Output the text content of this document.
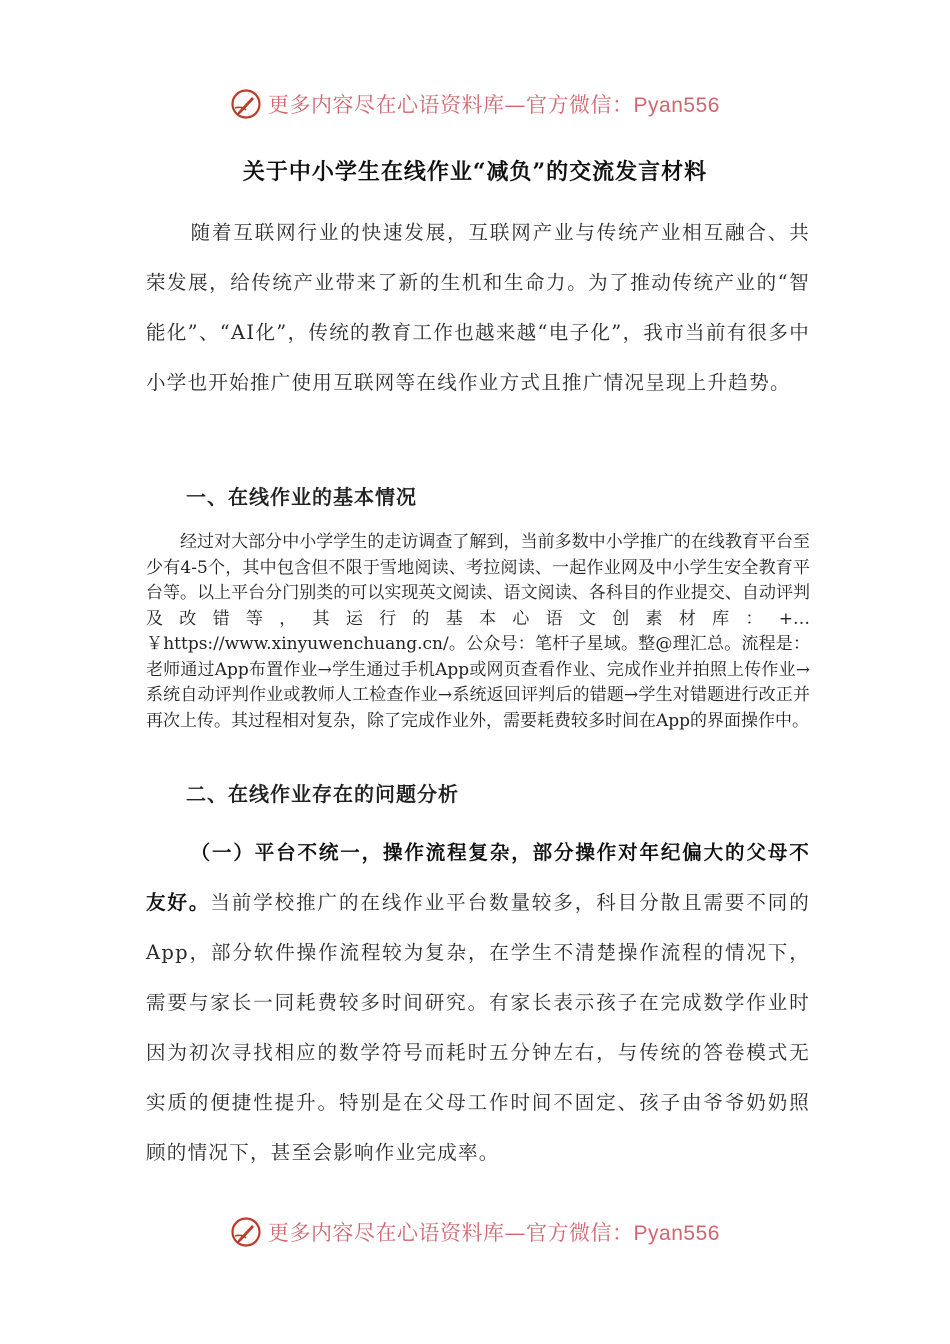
更多内容尽在心语资料库—官方微信：Pyan556
关于中小学生在线作业“减负”的交流发言材料
随着互联网行业的快速发展，互联网产业与传统产业相互融合、共荣发展，给传统产业带来了新的生机和生命力。为了推动传统产业的“智能化”、“AI化”，传统的教育工作也越来越“电子化”，我市当前有很多中小学也开始推广使用互联网等在线作业方式且推广情况呈现上升趋势。
一、在线作业的基本情况
经过对大部分中小学学生的走访调查了解到，当前多数中小学推广的在线教育平台至少有4-5个，其中包含但不限于雪地阅读、考拉阅读、一起作业网及中小学生安全教育平台等。以上平台分门别类的可以实现英文阅读、语文阅读、各科目的作业提交、自动评判及改错等，其运行的基本心语文创素材库：+…￥https://www.xinyuwenchuang.cn/。公众号：笔杆子星域。整@理汇总。流程是：老师通过App布置作业→学生通过手机App或网页查看作业、完成作业并拍照上传作业→系统自动评判作业或教师人工检查作业→系统返回评判后的错题→学生对错题进行改正并再次上传。其过程相对复杂，除了完成作业外，需要耗费较多时间在App的界面操作中。
二、在线作业存在的问题分析
（一）平台不统一，操作流程复杂，部分操作对年纪偏大的父母不友好。当前学校推广的在线作业平台数量较多，科目分散且需要不同的App，部分软件操作流程较为复杂，在学生不清楚操作流程的情况下，需要与家长一同耗费较多时间研究。有家长表示孩子在完成数学作业时因为初次寻找相应的数学符号而耗时五分钟左右，与传统的答卷模式无实质的便捷性提升。特别是在父母工作时间不固定、孩子由爷爷奶奶照顾的情况下，甚至会影响作业完成率。
更多内容尽在心语资料库—官方微信：Pyan556
